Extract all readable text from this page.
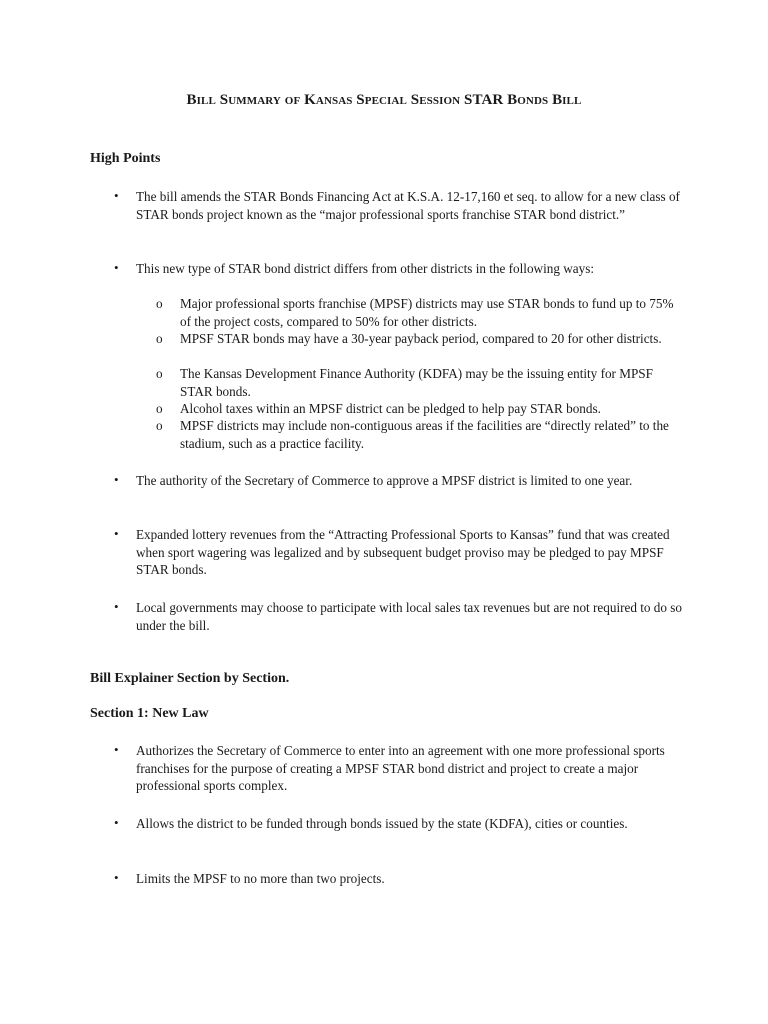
Bill Summary of Kansas Special Session STAR Bonds Bill
High Points
• The bill amends the STAR Bonds Financing Act at K.S.A. 12-17,160 et seq. to allow for a new class of STAR bonds project known as the “major professional sports franchise STAR bond district.”
• This new type of STAR bond district differs from other districts in the following ways:
o Major professional sports franchise (MPSF) districts may use STAR bonds to fund up to 75% of the project costs, compared to 50% for other districts.
o MPSF STAR bonds may have a 30-year payback period, compared to 20 for other districts.
o The Kansas Development Finance Authority (KDFA) may be the issuing entity for MPSF STAR bonds.
o Alcohol taxes within an MPSF district can be pledged to help pay STAR bonds.
o MPSF districts may include non-contiguous areas if the facilities are “directly related” to the stadium, such as a practice facility.
• The authority of the Secretary of Commerce to approve a MPSF district is limited to one year.
• Expanded lottery revenues from the “Attracting Professional Sports to Kansas” fund that was created when sport wagering was legalized and by subsequent budget proviso may be pledged to pay MPSF STAR bonds.
• Local governments may choose to participate with local sales tax revenues but are not required to do so under the bill.
Bill Explainer Section by Section.
Section 1: New Law
• Authorizes the Secretary of Commerce to enter into an agreement with one more professional sports franchises for the purpose of creating a MPSF STAR bond district and project to create a major professional sports complex.
• Allows the district to be funded through bonds issued by the state (KDFA), cities or counties.
• Limits the MPSF to no more than two projects.
